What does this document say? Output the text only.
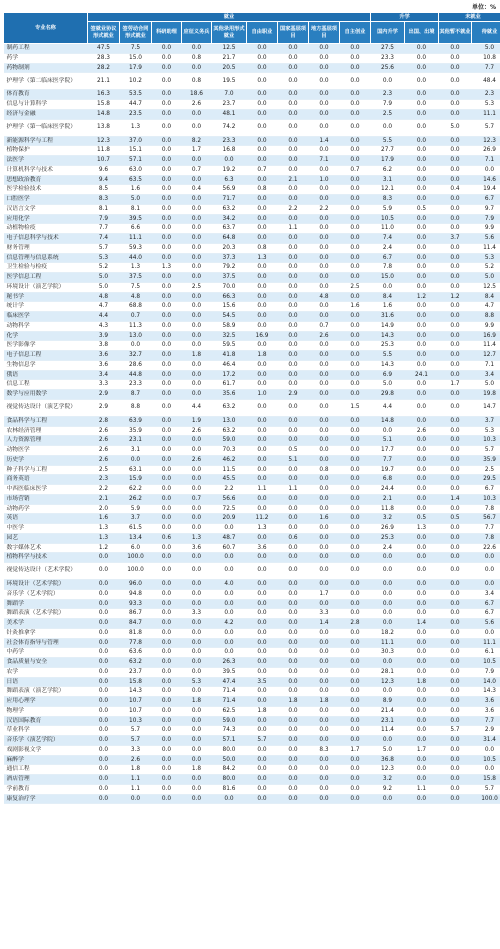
单位：%
专业名称	就业									升学		未就业	
	签就业协议形式就业	签劳动合同形式就业	科研助理	应征义务兵	其他录用形式就业	自由职业	国家基层项目	地方基层项目	自主创业	国内升学	出国、出境	其他暂不就业	待就业
制药工程	47.5	7.5	0.0	0.0	12.5	0.0	0.0	0.0	0.0	27.5	0.0	0.0	5.0
药学	28.3	15.0	0.0	0.8	21.7	0.0	0.0	0.0	0.0	23.3	0.0	0.0	10.8
药物制剂	28.2	17.9	0.0	0.0	20.5	0.0	0.0	0.0	0.0	25.6	0.0	0.0	7.7
护理学（第二临床医学院）	21.1	10.2	0.0	0.8	19.5	0.0	0.0	0.0	0.0	0.0	0.0	0.0	48.4
体育教育	16.3	53.5	0.0	18.6	7.0	0.0	0.0	0.0	0.0	2.3	0.0	0.0	2.3
信息与计算科学	15.8	44.7	0.0	2.6	23.7	0.0	0.0	0.0	0.0	7.9	0.0	0.0	5.3
经济与金融	14.8	23.5	0.0	0.0	48.1	0.0	0.0	0.0	0.0	2.5	0.0	0.0	11.1
护理学（第一临床医学院）	13.8	1.3	0.0	0.0	74.2	0.0	0.0	0.0	0.0	0.0	0.0	5.0	5.7
新能源科学与工程	12.3	37.0	0.0	8.2	23.3	0.0	0.0	1.4	0.0	5.5	0.0	0.0	12.3
植物保护	11.8	15.1	0.0	1.7	16.8	0.0	0.0	0.0	0.0	27.7	0.0	0.0	26.9
法医学	10.7	57.1	0.0	0.0	0.0	0.0	0.0	7.1	0.0	17.9	0.0	0.0	7.1
计算机科学与技术	9.6	63.0	0.0	0.7	19.2	0.7	0.0	0.0	0.7	6.2	0.0	0.0	0.0
思想政治教育	9.4	63.5	0.0	0.0	6.3	0.0	2.1	1.0	0.0	3.1	0.0	0.0	14.6
医学检验技术	8.5	1.6	0.0	0.4	56.9	0.8	0.0	0.0	0.0	12.1	0.0	0.4	19.4
口腔医学	8.3	5.0	0.0	0.0	71.7	0.0	0.0	0.0	0.0	8.3	0.0	0.0	6.7
汉语言文学	8.1	8.1	0.0	0.0	63.2	0.0	2.2	2.2	0.0	5.9	0.5	0.0	9.7
应用化学	7.9	39.5	0.0	0.0	34.2	0.0	0.0	0.0	0.0	10.5	0.0	0.0	7.9
动植物检疫	7.7	6.6	0.0	0.0	63.7	0.0	1.1	0.0	0.0	11.0	0.0	0.0	9.9
电子信息科学与技术	7.4	11.1	0.0	0.0	64.8	0.0	0.0	0.0	0.0	7.4	0.0	3.7	5.6
财务管理	5.7	59.3	0.0	0.0	20.3	0.8	0.0	0.0	0.0	2.4	0.0	0.0	11.4
信息管理与信息系统	5.3	44.0	0.0	0.0	37.3	1.3	0.0	0.0	0.0	6.7	0.0	0.0	5.3
卫生检验与检疫	5.2	1.3	1.3	0.0	79.2	0.0	0.0	0.0	0.0	7.8	0.0	0.0	5.2
医学信息工程	5.0	37.5	0.0	0.0	37.5	0.0	0.0	0.0	0.0	15.0	0.0	0.0	5.0
环境设计（演艺学院）	5.0	7.5	0.0	2.5	70.0	0.0	0.0	0.0	2.5	0.0	0.0	0.0	12.5
秘书学	4.8	4.8	0.0	0.0	66.3	0.0	0.0	4.8	0.0	8.4	1.2	1.2	8.4
统计学	4.7	68.8	0.0	0.0	15.6	0.0	0.0	0.0	1.6	1.6	0.0	0.0	4.7
临床医学	4.4	0.7	0.0	0.0	54.5	0.0	0.0	0.0	0.0	31.6	0.0	0.0	8.8
动物科学	4.3	11.3	0.0	0.0	58.9	0.0	0.0	0.7	0.0	14.9	0.0	0.0	9.9
化学	3.9	13.0	0.0	0.0	32.5	16.9	0.0	2.6	0.0	14.3	0.0	0.0	16.9
医学影像学	3.8	0.0	0.0	0.0	59.5	0.0	0.0	0.0	0.0	25.3	0.0	0.0	11.4
电子信息工程	3.6	32.7	0.0	1.8	41.8	1.8	0.0	0.0	0.0	5.5	0.0	0.0	12.7
生物信息学	3.6	28.6	0.0	0.0	46.4	0.0	0.0	0.0	0.0	14.3	0.0	0.0	7.1
俄语	3.4	44.8	0.0	0.0	17.2	0.0	0.0	0.0	0.0	6.9	24.1	0.0	3.4
信息工程	3.3	23.3	0.0	0.0	61.7	0.0	0.0	0.0	0.0	5.0	0.0	1.7	5.0
数学与应用数学	2.9	8.7	0.0	0.0	35.6	1.0	2.9	0.0	0.0	29.8	0.0	0.0	19.8
视觉传达设计（演艺学院）	2.9	8.8	0.0	4.4	63.2	0.0	0.0	0.0	1.5	4.4	0.0	0.0	14.7
食品科学与工程	2.8	63.9	0.0	1.9	13.0	0.0	0.0	0.0	0.0	14.8	0.0	0.0	3.7
农林经济管理	2.6	35.9	0.0	2.6	63.2	0.0	0.0	0.0	0.0	0.0	2.6	0.0	5.3
人力资源管理	2.6	23.1	0.0	0.0	59.0	0.0	0.0	0.0	0.0	5.1	0.0	0.0	10.3
动物医学	2.6	3.1	0.0	0.0	70.3	0.0	0.5	0.0	0.0	17.7	0.0	0.0	5.7
历史学	2.6	0.0	0.0	2.6	46.2	0.0	5.1	0.0	0.0	7.7	0.0	0.0	35.9
种子科学与工程	2.5	63.1	0.0	0.0	11.5	0.0	0.0	0.8	0.0	19.7	0.0	0.0	2.5
商务英语	2.3	15.9	0.0	0.0	45.5	0.0	0.0	0.0	0.0	6.8	0.0	0.0	29.5
中西医临床医学	2.2	62.2	0.0	0.0	2.2	1.1	1.1	0.0	0.0	24.4	0.0	0.0	6.7
市场营销	2.1	26.2	0.0	0.7	56.6	0.0	0.0	0.0	0.0	2.1	0.0	1.4	10.3
动物药学	2.0	5.9	0.0	0.0	72.5	0.0	0.0	0.0	0.0	11.8	0.0	0.0	7.8
英语	1.6	3.7	0.0	0.0	20.9	11.2	0.0	1.6	0.0	3.2	0.5	0.5	56.7
中医学	1.3	61.5	0.0	0.0	0.0	1.3	0.0	0.0	0.0	26.9	1.3	0.0	7.7
园艺	1.3	13.4	0.6	1.3	48.7	0.0	0.6	0.0	0.0	25.3	0.0	0.0	7.8
数字媒体艺术	1.2	6.0	0.0	3.6	60.7	3.6	0.0	0.0	0.0	2.4	0.0	0.0	22.6
植物科学与技术	0.0	100.0	0.0	0.0	0.0	0.0	0.0	0.0	0.0	0.0	0.0	0.0	0.0
视觉传达设计（艺术学院）	0.0	100.0	0.0	0.0	0.0	0.0	0.0	0.0	0.0	0.0	0.0	0.0	0.0
环境设计（艺术学院）	0.0	96.0	0.0	0.0	4.0	0.0	0.0	0.0	0.0	0.0	0.0	0.0	0.0
音乐学（艺术学院）	0.0	94.8	0.0	0.0	0.0	0.0	0.0	1.7	0.0	0.0	0.0	0.0	3.4
舞蹈学	0.0	93.3	0.0	0.0	0.0	0.0	0.0	0.0	0.0	0.0	0.0	0.0	6.7
舞蹈表演（艺术学院）	0.0	86.7	0.0	3.3	0.0	0.0	0.0	3.3	0.0	0.0	0.0	0.0	6.7
美术学	0.0	84.7	0.0	0.0	4.2	0.0	0.0	1.4	2.8	0.0	1.4	0.0	5.6
针灸推拿学	0.0	81.8	0.0	0.0	0.0	0.0	0.0	0.0	0.0	18.2	0.0	0.0	0.0
社会体育指导与管理	0.0	77.8	0.0	0.0	0.0	0.0	0.0	0.0	0.0	11.1	0.0	0.0	11.1
中药学	0.0	63.6	0.0	0.0	0.0	0.0	0.0	0.0	0.0	30.3	0.0	0.0	6.1
食品质量与安全	0.0	63.2	0.0	0.0	26.3	0.0	0.0	0.0	0.0	0.0	0.0	0.0	10.5
农学	0.0	23.7	0.0	0.0	39.5	0.0	0.0	0.0	0.0	28.1	0.0	0.0	7.9
日语	0.0	15.8	0.0	5.3	47.4	3.5	0.0	0.0	0.0	12.3	1.8	0.0	14.0
舞蹈表演（演艺学院）	0.0	14.3	0.0	0.0	71.4	0.0	0.0	0.0	0.0	0.0	0.0	0.0	14.3
应用心理学	0.0	10.7	0.0	1.8	71.4	0.0	1.8	1.8	0.0	8.9	0.0	0.0	3.6
物理学	0.0	10.7	0.0	0.0	62.5	1.8	0.0	0.0	0.0	21.4	0.0	0.0	3.6
汉语国际教育	0.0	10.3	0.0	0.0	59.0	0.0	0.0	0.0	0.0	23.1	0.0	0.0	7.7
草业科学	0.0	5.7	0.0	0.0	74.3	0.0	0.0	0.0	0.0	11.4	0.0	5.7	2.9
音乐学（演艺学院）	0.0	5.7	0.0	0.0	57.1	5.7	0.0	0.0	0.0	0.0	0.0	0.0	31.4
戏剧影视文学	0.0	3.3	0.0	0.0	80.0	0.0	0.0	8.3	1.7	5.0	1.7	0.0	0.0
麻醉学	0.0	2.6	0.0	0.0	50.0	0.0	0.0	0.0	0.0	36.8	0.0	0.0	10.5
通信工程	0.0	1.8	0.0	1.8	84.2	0.0	0.0	0.0	0.0	12.3	0.0	0.0	0.0
酒店管理	0.0	1.1	0.0	0.0	80.0	0.0	0.0	0.0	0.0	3.2	0.0	0.0	15.8
学前教育	0.0	1.1	0.0	0.0	81.6	0.0	0.0	0.0	0.0	9.2	1.1	0.0	5.7
康复治疗学	0.0	0.0	0.0	0.0	0.0	0.0	0.0	0.0	0.0	0.0	0.0	0.0	100.0
